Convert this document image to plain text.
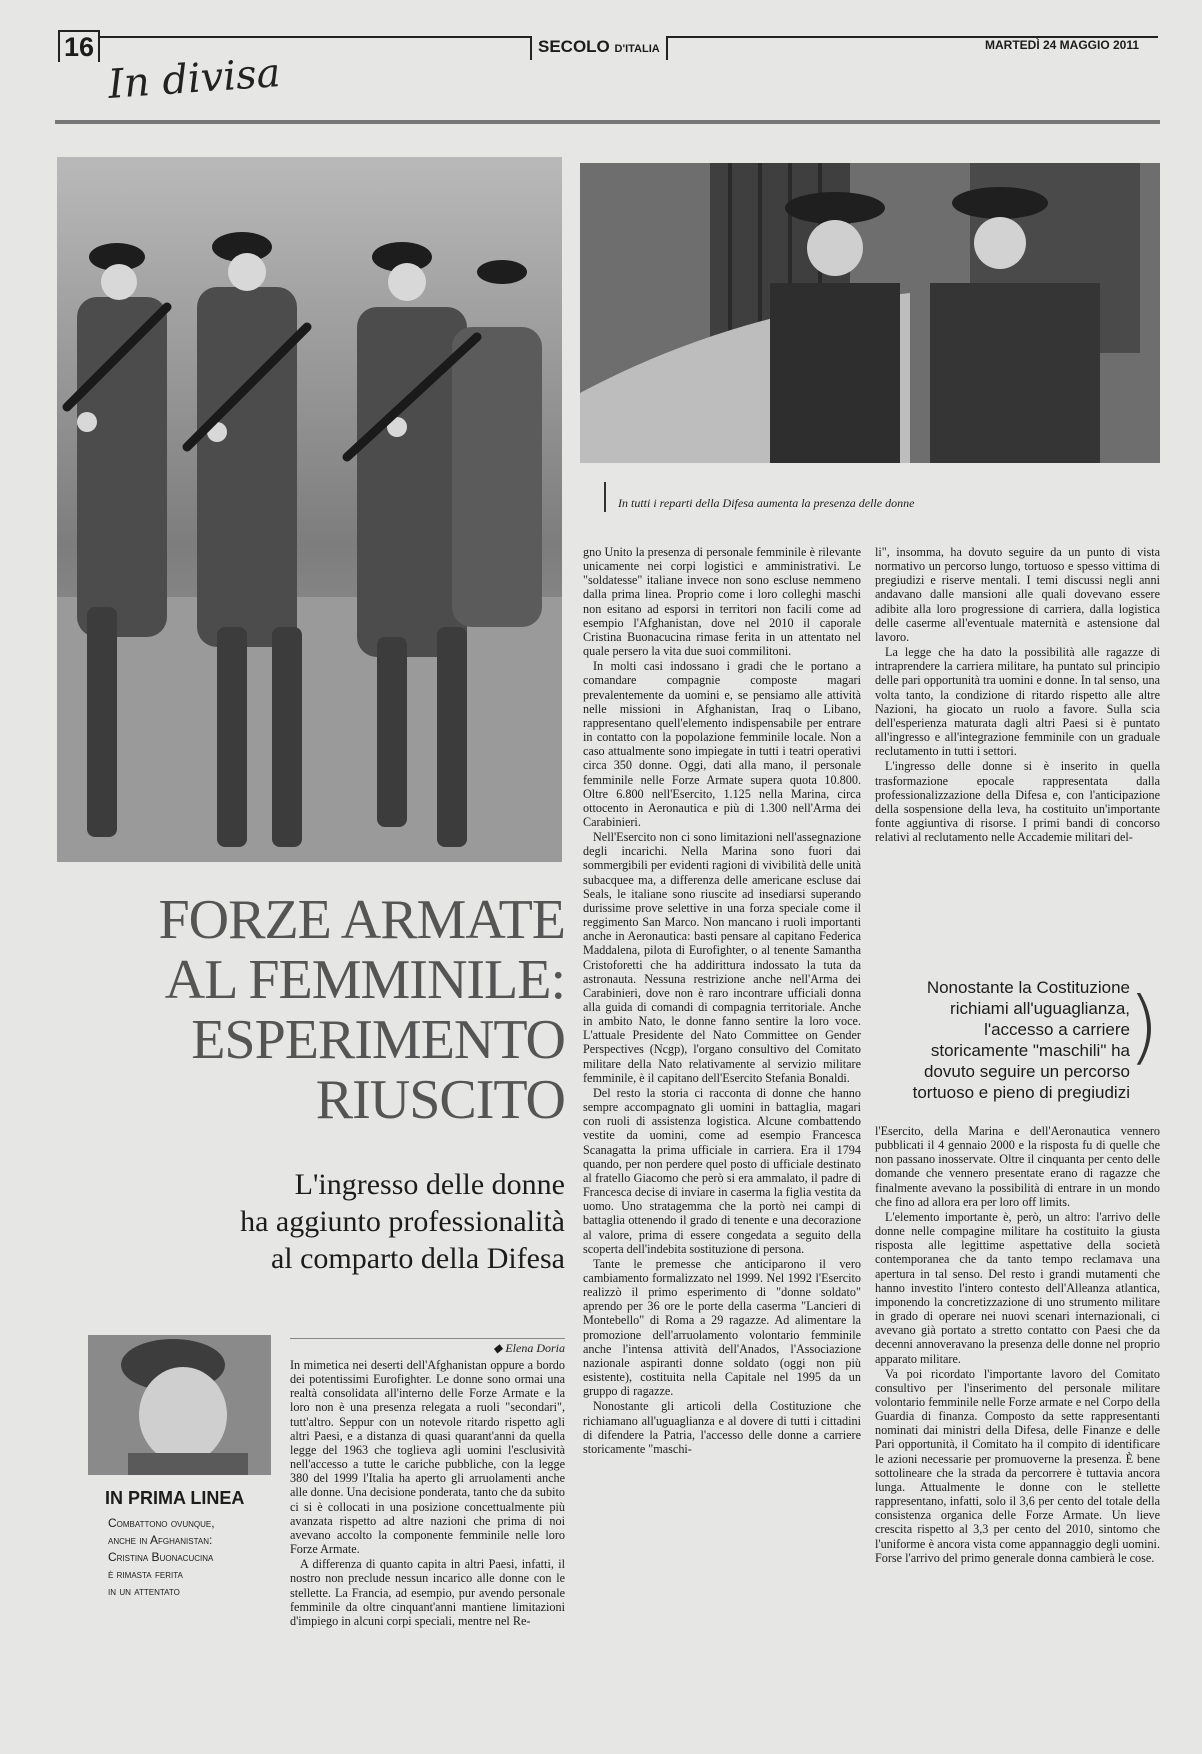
16	SECOLO D'ITALIA	MARTEDÌ 24 MAGGIO 2011
In divisa
In tutti i reparti della Difesa aumenta la presenza delle donne
FORZE ARMATE
AL FEMMINILE:
ESPERIMENTO
RIUSCITO
L'ingresso delle donne
ha aggiunto professionalità
al comparto della Difesa
IN PRIMA LINEA
Combattono ovunque,
anche in Afghanistan:
Cristina Buonacucina
è rimasta ferita
in un attentato
◆ Elena Doria

In mimetica nei deserti dell'Afghanistan oppure a bordo dei potentissimi Eurofighter. Le donne sono ormai una realtà consolidata all'interno delle Forze Armate e la loro non è una presenza relegata a ruoli "secondari", tutt'altro. Seppur con un notevole ritardo rispetto agli altri Paesi, e a distanza di quasi quarant'anni da quella legge del 1963 che toglieva agli uomini l'esclusività nell'accesso a tutte le cariche pubbliche, con la legge 380 del 1999 l'Italia ha aperto gli arruolamenti anche alle donne. Una decisione ponderata, tanto che da subito ci si è collocati in una posizione concettualmente più avanzata rispetto ad altre nazioni che prima di noi avevano accolto la componente femminile nelle loro Forze Armate.

A differenza di quanto capita in altri Paesi, infatti, il nostro non preclude nessun incarico alle donne con le stellette. La Francia, ad esempio, pur avendo personale femminile da oltre cinquant'anni mantiene limitazioni d'impiego in alcuni corpi speciali, mentre nel Re-

gno Unito la presenza di personale femminile è rilevante unicamente nei corpi logistici e amministrativi. Le "soldatesse" italiane invece non sono escluse nemmeno dalla prima linea. Proprio come i loro colleghi maschi non esitano ad esporsi in territori non facili come ad esempio l'Afghanistan, dove nel 2010 il caporale Cristina Buonacucina rimase ferita in un attentato nel quale persero la vita due suoi commilitoni.

In molti casi indossano i gradi che le portano a comandare compagnie composte magari prevalentemente da uomini e, se pensiamo alle attività nelle missioni in Afghanistan, Iraq o Libano, rappresentano quell'elemento indispensabile per entrare in contatto con la popolazione femminile locale. Non a caso attualmente sono impiegate in tutti i teatri operativi circa 350 donne. Oggi, dati alla mano, il personale femminile nelle Forze Armate supera quota 10.800. Oltre 6.800 nell'Esercito, 1.125 nella Marina, circa ottocento in Aeronautica e più di 1.300 nell'Arma dei Carabinieri.

Nell'Esercito non ci sono limitazioni nell'assegnazione degli incarichi. Nella Marina sono fuori dai sommergibili per evidenti ragioni di vivibilità delle unità subacquee ma, a differenza delle americane escluse dai Seals, le italiane sono riuscite ad insediarsi superando durissime prove selettive in una forza speciale come il reggimento San Marco. Non mancano i ruoli importanti anche in Aeronautica: basti pensare al capitano Federica Maddalena, pilota di Eurofighter, o al tenente Samantha Cristoforetti che ha addirittura indossato la tuta da astronauta. Nessuna restrizione anche nell'Arma dei Carabinieri, dove non è raro incontrare ufficiali donna alla guida di comandi di compagnia territoriale. Anche in ambito Nato, le donne fanno sentire la loro voce. L'attuale Presidente del Nato Committee on Gender Perspectives (Ncgp), l'organo consultivo del Comitato militare della Nato relativamente al servizio militare femminile, è il capitano dell'Esercito Stefania Bonaldi.

Del resto la storia ci racconta di donne che hanno sempre accompagnato gli uomini in battaglia, magari con ruoli di assistenza logistica. Alcune combattendo vestite da uomini, come ad esempio Francesca Scanagatta la prima ufficiale in carriera. Era il 1794 quando, per non perdere quel posto di ufficiale destinato al fratello Giacomo che però si era ammalato, il padre di Francesca decise di inviare in caserma la figlia vestita da uomo. Uno stratagemma che la portò nei campi di battaglia ottenendo il grado di tenente e una decorazione al valore, prima di essere congedata a seguito della scoperta dell'indebita sostituzione di persona.

Tante le premesse che anticiparono il vero cambiamento formalizzato nel 1999. Nel 1992 l'Esercito realizzò il primo esperimento di "donne soldato" aprendo per 36 ore le porte della caserma "Lancieri di Montebello" di Roma a 29 ragazze. Ad alimentare la promozione dell'arruolamento volontario femminile anche l'intensa attività dell'Anados, l'Associazione nazionale aspiranti donne soldato (oggi non più esistente), costituita nella Capitale nel 1995 da un gruppo di ragazze.

Nonostante gli articoli della Costituzione che richiamano all'uguaglianza e al dovere di tutti i cittadini di difendere la Patria, l'accesso delle donne a carriere storicamente "maschi-

li", insomma, ha dovuto seguire da un punto di vista normativo un percorso lungo, tortuoso e spesso vittima di pregiudizi e riserve mentali. I temi discussi negli anni andavano dalle mansioni alle quali dovevano essere adibite alla loro progressione di carriera, dalla logistica delle caserme all'eventuale maternità e astensione dal lavoro.

La legge che ha dato la possibilità alle ragazze di intraprendere la carriera militare, ha puntato sul principio delle pari opportunità tra uomini e donne. In tal senso, una volta tanto, la condizione di ritardo rispetto alle altre Nazioni, ha giocato un ruolo a favore. Sulla scia dell'esperienza maturata dagli altri Paesi si è puntato all'ingresso e all'integrazione femminile con un graduale reclutamento in tutti i settori.

L'ingresso delle donne si è inserito in quella trasformazione epocale rappresentata dalla professionalizzazione della Difesa e, con l'anticipazione della sospensione della leva, ha costituito un'importante fonte aggiuntiva di risorse. I primi bandi di concorso relativi al reclutamento nelle Accademie militari del-

Nonostante la Costituzione richiami all'uguaglianza, l'accesso a carriere storicamente "maschili" ha dovuto seguire un percorso tortuoso e pieno di pregiudizi
)

l'Esercito, della Marina e dell'Aeronautica vennero pubblicati il 4 gennaio 2000 e la risposta fu di quelle che non passano inosservate. Oltre il cinquanta per cento delle domande che vennero presentate erano di ragazze che finalmente avevano la possibilità di entrare in un mondo che fino ad allora era per loro off limits.

L'elemento importante è, però, un altro: l'arrivo delle donne nelle compagine militare ha costituito la giusta risposta alle legittime aspettative della società contemporanea che da tanto tempo reclamava una apertura in tal senso. Del resto i grandi mutamenti che hanno investito l'intero contesto dell'Alleanza atlantica, imponendo la concretizzazione di uno strumento militare in grado di operare nei nuovi scenari internazionali, ci avevano già portato a stretto contatto con Paesi che da decenni annoveravano la presenza delle donne nel proprio apparato militare.

Va poi ricordato l'importante lavoro del Comitato consultivo per l'inserimento del personale militare volontario femminile nelle Forze armate e nel Corpo della Guardia di finanza. Composto da sette rappresentanti nominati dai ministri della Difesa, delle Finanze e delle Pari opportunità, il Comitato ha il compito di identificare le azioni necessarie per promuoverne la presenza. È bene sottolineare che la strada da percorrere è tuttavia ancora lunga. Attualmente le donne con le stellette rappresentano, infatti, solo il 3,6 per cento del totale della consistenza organica delle Forze Armate. Un lieve crescita rispetto al 3,3 per cento del 2010, sintomo che l'uniforme è ancora vista come appannaggio degli uomini. Forse l'arrivo del primo generale donna cambierà le cose.
